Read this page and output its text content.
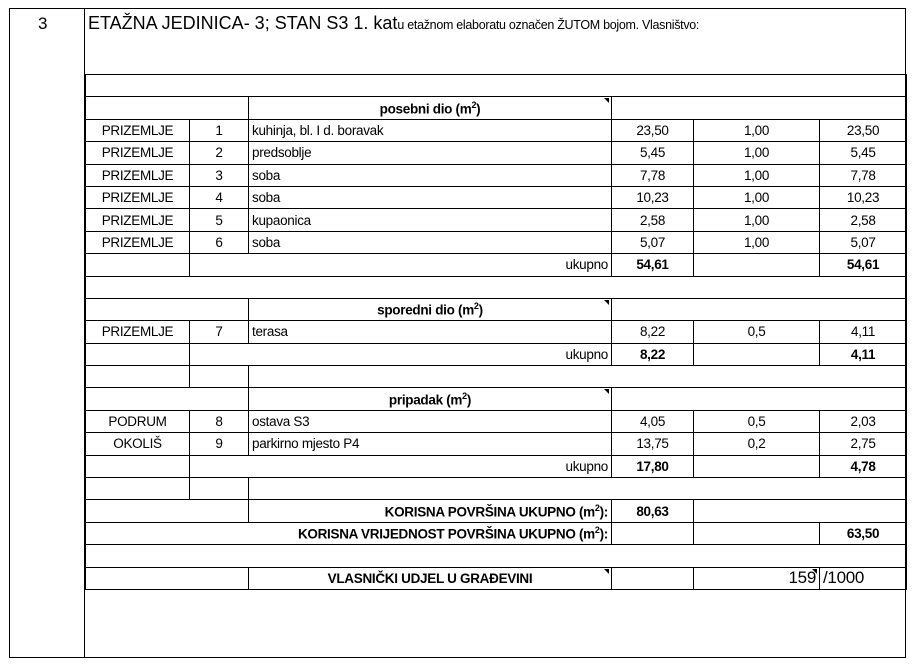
3 ETAŽNA JEDINICA- 3; STAN S3 1. katu etažnom elaboratu označen ŽUTOM bojom. Vlasništvo:

		posebni dio $(m^2)$			
PRIZEMLJE	1	kuhinja, bl. I d. boravak	23,50	1,00	23,50
PRIZEMLJE	2	predsoblje	5,45	1,00	5,45
PRIZEMLJE	3	soba	7,78	1,00	7,78
PRIZEMLJE	4	soba	10,23	1,00	10,23
PRIZEMLJE	5	kupaonica	2,58	1,00	2,58
PRIZEMLJE	6	soba	5,07	1,00	5,07
	ukupno		54,61		54,61

		sporedni dio $(m^2)$			
PRIZEMLJE	7	terasa	8,22	0,5	4,11
	ukupno		8,22		4,11

		pripadak $(m^2)$			
PODRUM	8	ostava S3	4,05	0,5	2,03
OKOLIŠ	9	parkirno mjesto P4	13,75	0,2	2,75
	ukupno		17,80		4,78

		KORISNA POVRŠINA UKUPNO $(m^2)$:	80,63		
KORISNA VRIJEDNOST POVRŠINA UKUPNO $(m^2)$:					63,50

		VLASNIČKI UDJEL U GRAĐEVINI		159	/1000
